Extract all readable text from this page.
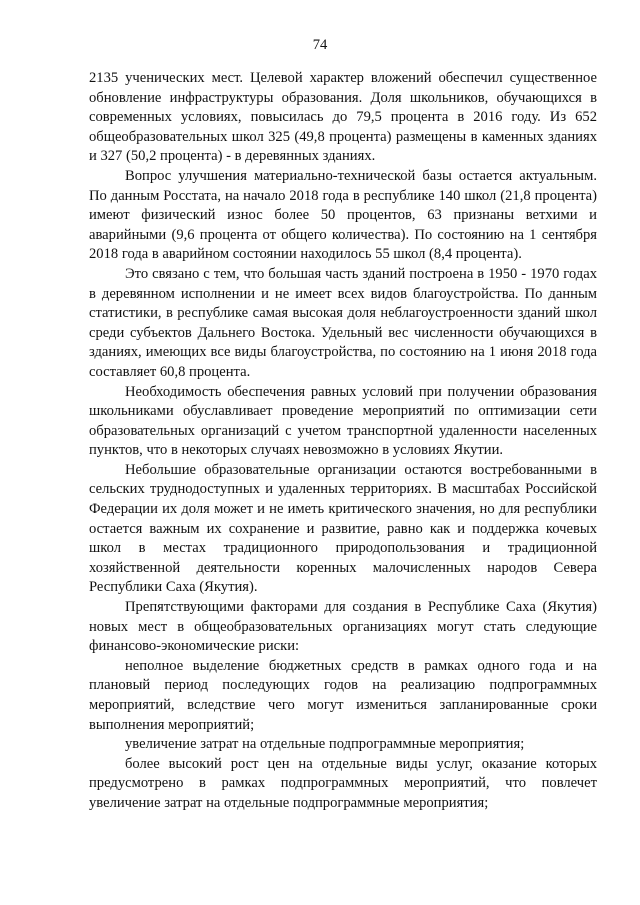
74

2135 ученических мест. Целевой характер вложений обеспечил существенное обновление инфраструктуры образования. Доля школьников, обучающихся в современных условиях, повысилась до 79,5 процента в 2016 году. Из 652 общеобразовательных школ 325 (49,8 процента) размещены в каменных зданиях и 327 (50,2 процента) - в деревянных зданиях.

Вопрос улучшения материально-технической базы остается актуальным. По данным Росстата, на начало 2018 года в республике 140 школ (21,8 процента) имеют физический износ более 50 процентов, 63 признаны ветхими и аварийными (9,6 процента от общего количества). По состоянию на 1 сентября 2018 года в аварийном состоянии находилось 55 школ (8,4 процента).

Это связано с тем, что большая часть зданий построена в 1950 - 1970 годах в деревянном исполнении и не имеет всех видов благоустройства. По данным статистики, в республике самая высокая доля неблагоустроенности зданий школ среди субъектов Дальнего Востока. Удельный вес численности обучающихся в зданиях, имеющих все виды благоустройства, по состоянию на 1 июня 2018 года составляет 60,8 процента.

Необходимость обеспечения равных условий при получении образования школьниками обуславливает проведение мероприятий по оптимизации сети образовательных организаций с учетом транспортной удаленности населенных пунктов, что в некоторых случаях невозможно в условиях Якутии.

Небольшие образовательные организации остаются востребованными в сельских труднодоступных и удаленных территориях. В масштабах Российской Федерации их доля может и не иметь критического значения, но для республики остается важным их сохранение и развитие, равно как и поддержка кочевых школ в местах традиционного природопользования и традиционной хозяйственной деятельности коренных малочисленных народов Севера Республики Саха (Якутия).

Препятствующими факторами для создания в Республике Саха (Якутия) новых мест в общеобразовательных организациях могут стать следующие финансово-экономические риски:

неполное выделение бюджетных средств в рамках одного года и на плановый период последующих годов на реализацию подпрограммных мероприятий, вследствие чего могут измениться запланированные сроки выполнения мероприятий;

увеличение затрат на отдельные подпрограммные мероприятия;

более высокий рост цен на отдельные виды услуг, оказание которых предусмотрено в рамках подпрограммных мероприятий, что повлечет увеличение затрат на отдельные подпрограммные мероприятия;
